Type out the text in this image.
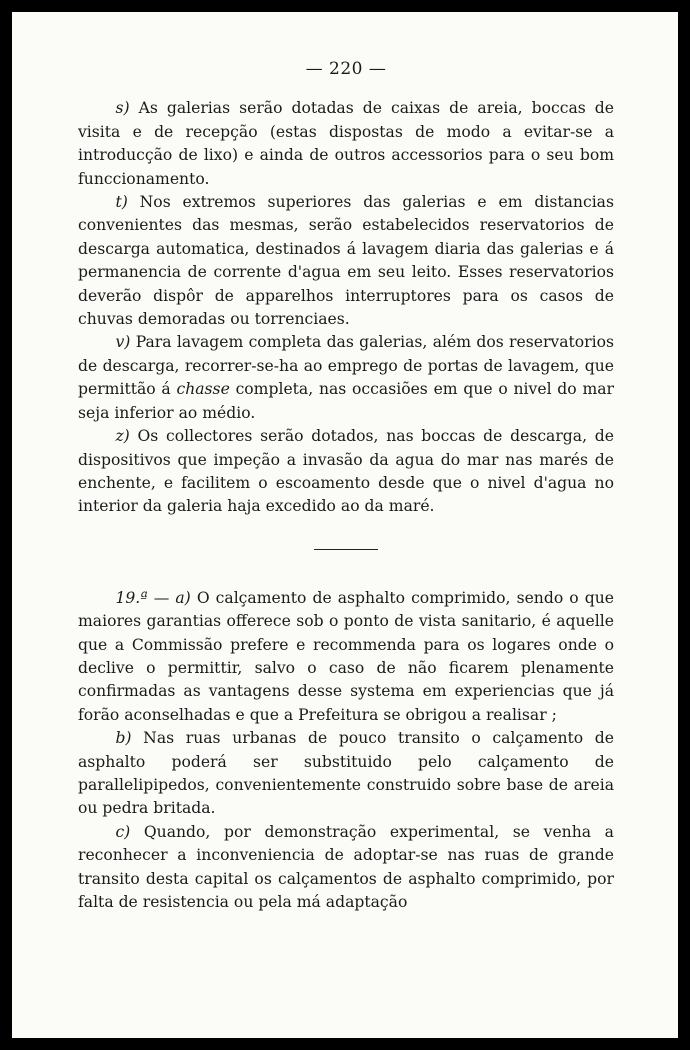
— 220 —

s) As galerias serão dotadas de caixas de areia, boccas de visita e de recepção (estas dispostas de modo a evitar-se a introducção de lixo) e ainda de outros accessorios para o seu bom funccionamento.

t) Nos extremos superiores das galerias e em distancias convenientes das mesmas, serão estabelecidos reservatorios de descarga automatica, destinados á lavagem diaria das galerias e á permanencia de corrente d'agua em seu leito. Esses reservatorios deverão dispôr de apparelhos interruptores para os casos de chuvas demoradas ou torrenciaes.

v) Para lavagem completa das galerias, além dos reservatorios de descarga, recorrer-se-ha ao emprego de portas de lavagem, que permittão á chasse completa, nas occasiões em que o nivel do mar seja inferior ao médio.

z) Os collectores serão dotados, nas boccas de descarga, de dispositivos que impeção a invasão da agua do mar nas marés de enchente, e facilitem o escoamento desde que o nivel d'agua no interior da galeria haja excedido ao da maré.

19.ª — a) O calçamento de asphalto comprimido, sendo o que maiores garantias offerece sob o ponto de vista sanitario, é aquelle que a Commissão prefere e recommenda para os logares onde o declive o permittir, salvo o caso de não ficarem plenamente confirmadas as vantagens desse systema em experiencias que já forão aconselhadas e que a Prefeitura se obrigou a realisar ;

b) Nas ruas urbanas de pouco transito o calçamento de asphalto poderá ser substituido pelo calçamento de parallelipipedos, convenientemente construido sobre base de areia ou pedra britada.

c) Quando, por demonstração experimental, se venha a reconhecer a inconveniencia de adoptar-se nas ruas de grande transito desta capital os calçamentos de asphalto comprimido, por falta de resistencia ou pela má adaptação
